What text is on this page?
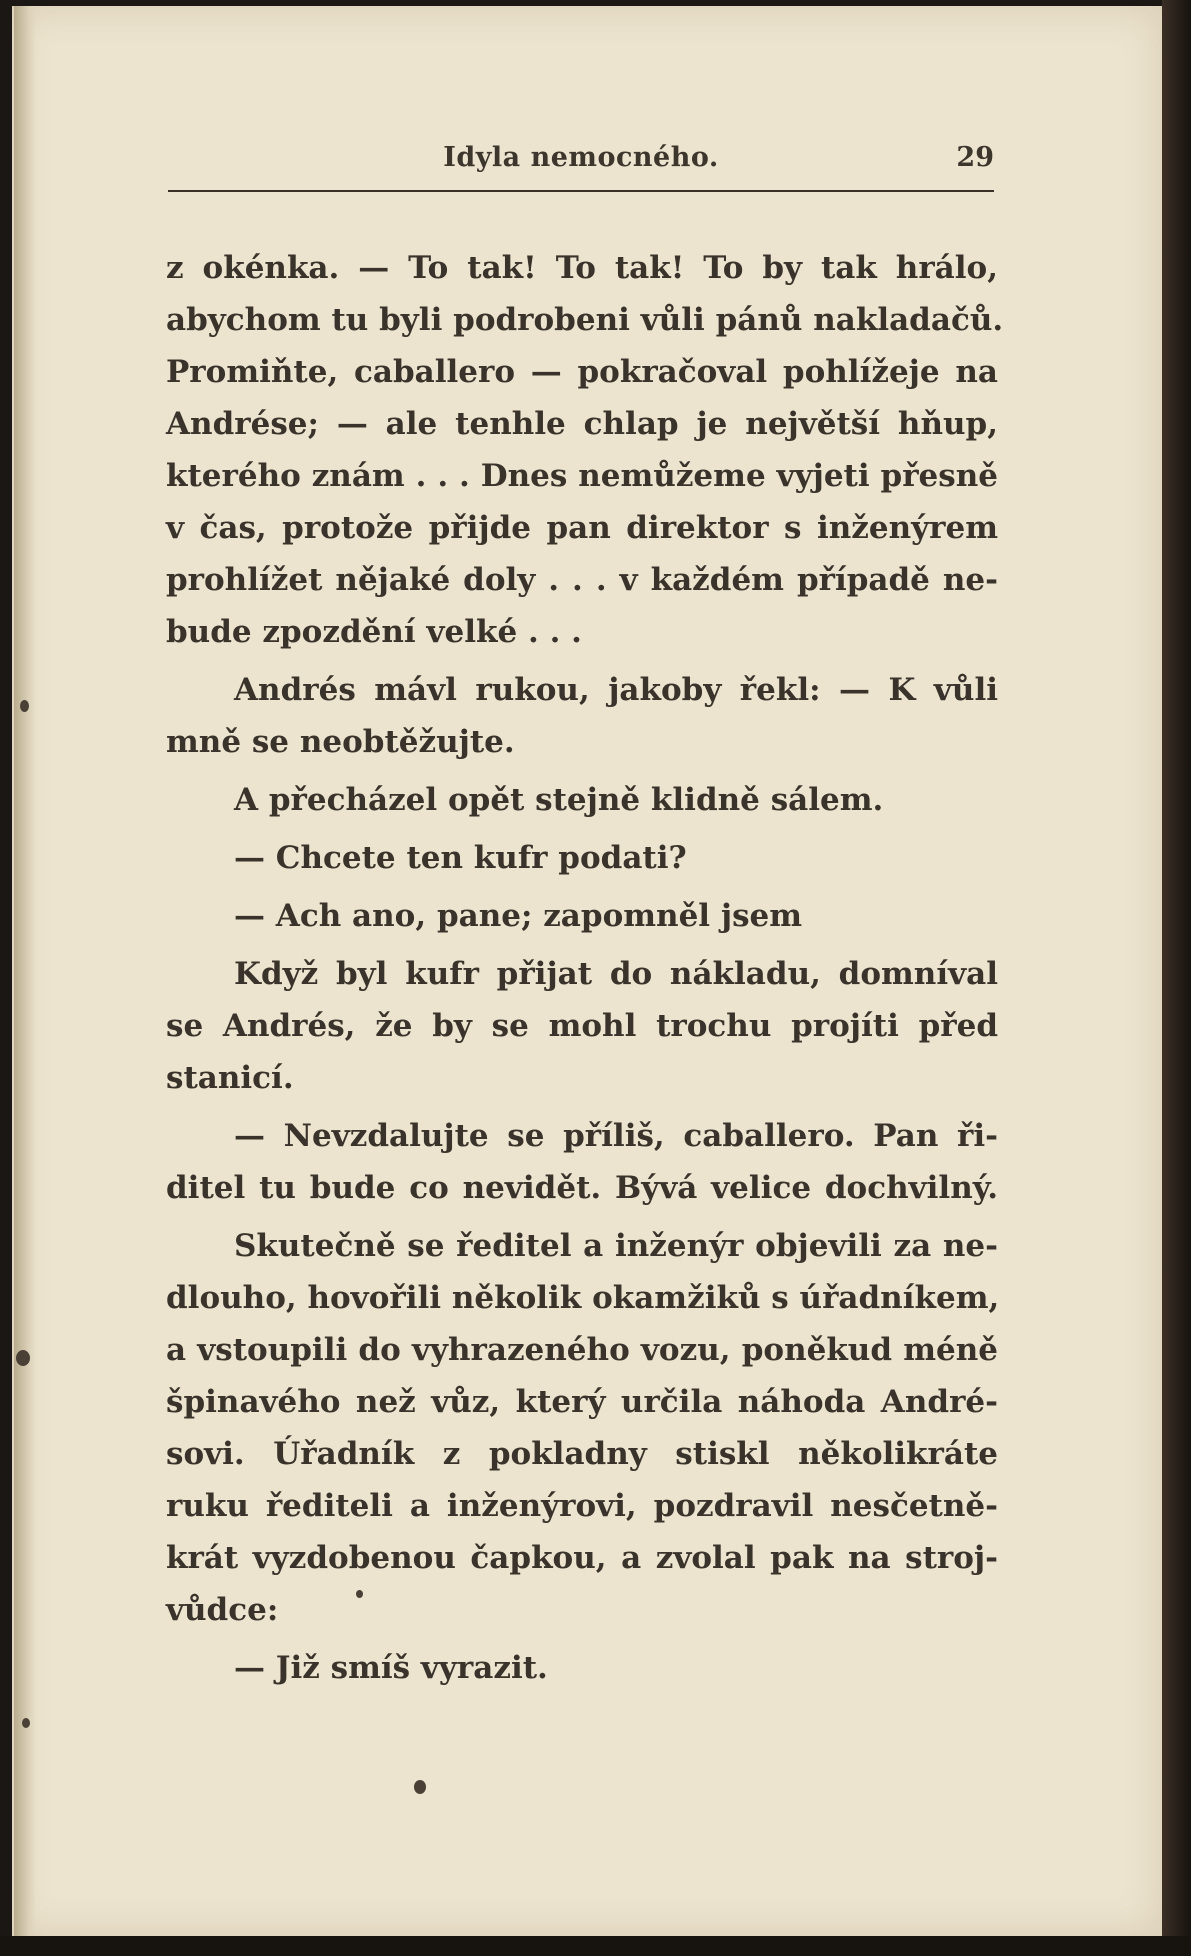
Idyla nemocného.	29
z okénka. — To tak! To tak! To by tak hrálo,
abychom tu byli podrobeni vůli pánů nakladačů.
Promiňte, caballero — pokračoval pohlížeje na
Andrése; — ale tenhle chlap je největší hňup,
kterého znám . . . Dnes nemůžeme vyjeti přesně
v čas, protože přijde pan direktor s inženýrem
prohlížet nějaké doly . . . v každém případě ne-
bude zpozdění velké . . .
Andrés mávl rukou, jakoby řekl: — K vůli
mně se neobtěžujte.
A přecházel opět stejně klidně sálem.
— Chcete ten kufr podati?
— Ach ano, pane; zapomněl jsem
Když byl kufr přijat do nákladu, domníval
se Andrés, že by se mohl trochu projíti před
stanicí.
— Nevzdalujte se příliš, caballero. Pan ři-
ditel tu bude co nevidět. Bývá velice dochvilný.
Skutečně se ředitel a inženýr objevili za ne-
dlouho, hovořili několik okamžiků s úřadníkem,
a vstoupili do vyhrazeného vozu, poněkud méně
špinavého než vůz, který určila náhoda André-
sovi. Úřadník z pokladny stiskl několikráte
ruku řediteli a inženýrovi, pozdravil nesčetně-
krát vyzdobenou čapkou, a zvolal pak na stroj-
vůdce:
— Již smíš vyrazit.
